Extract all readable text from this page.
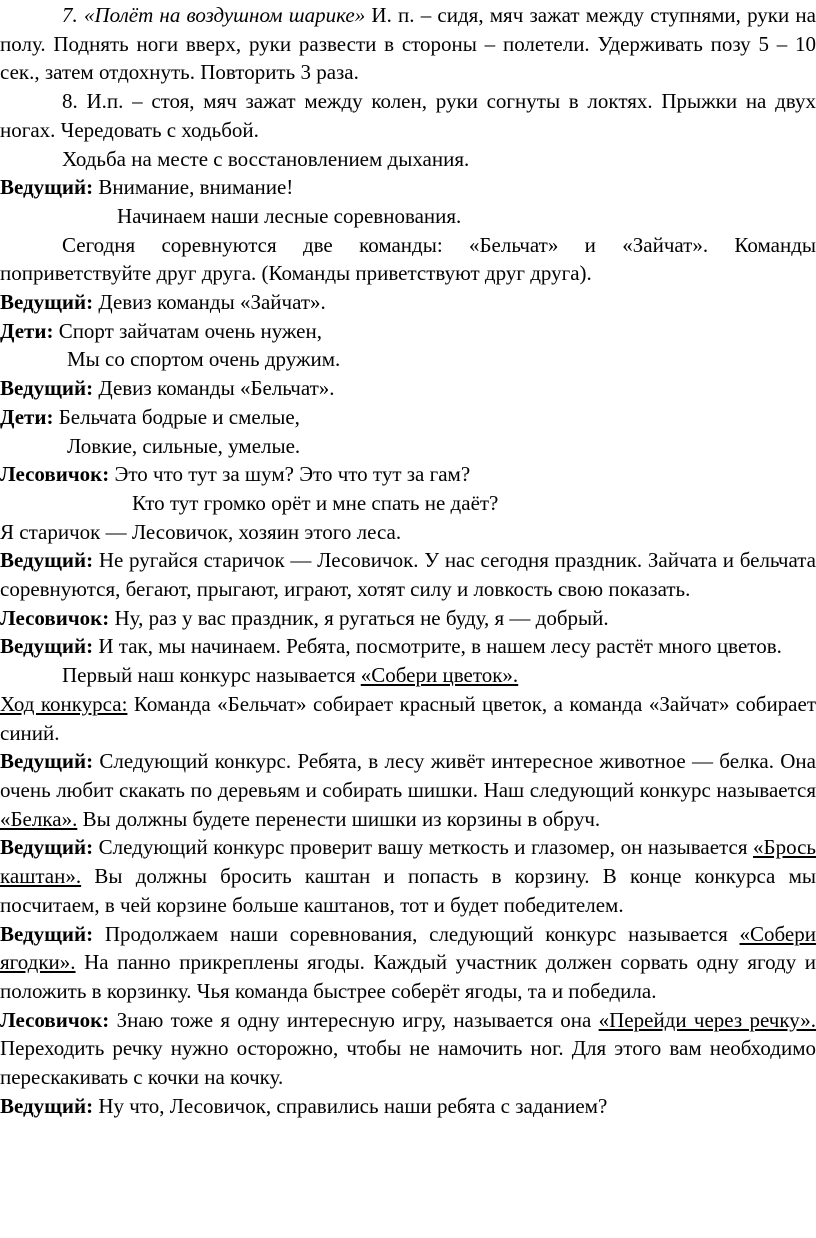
7. «Полёт на воздушном шарике» И. п. – сидя, мяч зажат между ступнями, руки на полу. Поднять ноги вверх, руки развести в стороны – полетели. Удерживать позу 5 – 10 сек., затем отдохнуть. Повторить 3 раза.

8. И.п. – стоя, мяч зажат между колен, руки согнуты в локтях. Прыжки на двух ногах. Чередовать с ходьбой.

Ходьба на месте с восстановлением дыхания.

Ведущий: Внимание, внимание!

Начинаем наши лесные соревнования.

Сегодня соревнуются две команды: «Бельчат» и «Зайчат». Команды поприветствуйте друг друга. (Команды приветствуют друг друга).

Ведущий: Девиз команды «Зайчат».

Дети: Спорт зайчатам очень нужен,

Мы со спортом очень дружим.

Ведущий: Девиз команды «Бельчат».

Дети: Бельчата бодрые и смелые,

Ловкие, сильные, умелые.

Лесовичок: Это что тут за шум? Это что тут за гам?

Кто тут громко орёт и мне спать не даёт?

Я старичок — Лесовичок, хозяин этого леса.

Ведущий: Не ругайся старичок — Лесовичок. У нас сегодня праздник. Зайчата и бельчата соревнуются, бегают, прыгают, играют, хотят силу и ловкость свою показать.

Лесовичок: Ну, раз у вас праздник, я ругаться не буду, я — добрый.

Ведущий: И так, мы начинаем. Ребята, посмотрите, в нашем лесу растёт много цветов.

Первый наш конкурс называется «Собери цветок».

Ход конкурса: Команда «Бельчат» собирает красный цветок, а команда «Зайчат» собирает синий.

Ведущий: Следующий конкурс. Ребята, в лесу живёт интересное животное — белка. Она очень любит скакать по деревьям и собирать шишки. Наш следующий конкурс называется «Белка». Вы должны будете перенести шишки из корзины в обруч.

Ведущий: Следующий конкурс проверит вашу меткость и глазомер, он называется «Брось каштан». Вы должны бросить каштан и попасть в корзину. В конце конкурса мы посчитаем, в чей корзине больше каштанов, тот и будет победителем.

Ведущий: Продолжаем наши соревнования, следующий конкурс называется «Собери ягодки». На панно прикреплены ягоды. Каждый участник должен сорвать одну ягоду и положить в корзинку. Чья команда быстрее соберёт ягоды, та и победила.

Лесовичок: Знаю тоже я одну интересную игру, называется она «Перейди через речку». Переходить речку нужно осторожно, чтобы не намочить ног. Для этого вам необходимо перескакивать с кочки на кочку.

Ведущий: Ну что, Лесовичок, справились наши ребята с заданием?
